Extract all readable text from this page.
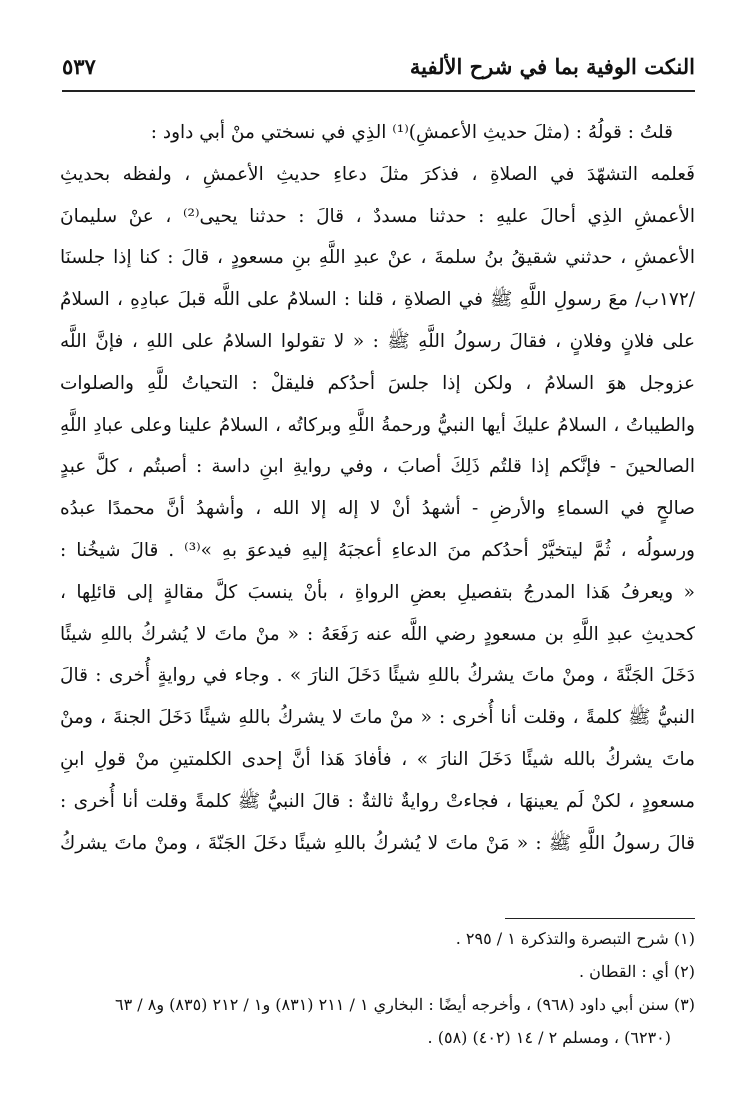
النكت الوفية بما في شرح الألفية
٥٣٧
قلتُ : قولُهُ : (مثلَ حديثِ الأعمشِ)⁽¹⁾ الذِي في نسختي منْ أبي داود :
فَعلمه التشهّدَ في الصلاةِ ، فذكرَ مثلَ دعاءِ حديثِ الأعمشِ ، ولفظه بحديثِ
الأعمشِ الذِي أحالَ عليهِ : حدثنا مسددٌ ، قالَ : حدثنا يحيى⁽²⁾ ، عنْ سليمانَ
الأعمشِ ، حدثني شقيقُ بنُ سلمةَ ، عنْ عبدِ اللَّهِ بنِ مسعودٍ ، قالَ : كنا إذا جلسنَا
/١٧٢ب/ معَ رسولِ اللَّهِ ﷺ في الصلاةِ ، قلنا : السلامُ على اللَّه قبلَ عبادِهِ ، السلامُ
على فلانٍ وفلانٍ ، فقالَ رسولُ اللَّهِ ﷺ : « لا تقولوا السلامُ على اللهِ ، فإنَّ اللَّه
عزوجل هوَ السلامُ ، ولكن إذا جلسَ أحدُكم فليقلْ : التحياتُ للَّهِ والصلوات
والطيباتُ ، السلامُ عليكَ أيها النبيُّ ورحمةُ اللَّهِ وبركاتُه ، السلامُ علينا وعلى عبادِ اللَّهِ
الصالحينَ - فإنَّكم إذا قلتُم ذَلِكَ أصابَ ، وفي روايةِ ابنِ داسة : أصبتُم ، كلَّ عبدٍ
صالحٍ في السماءِ والأرضِ - أشهدُ أنْ لا إله إلا الله ، وأشهدُ أنَّ محمدًا عبدُه
ورسولُه ، ثُمَّ ليتخيَّرْ أحدُكم منَ الدعاءِ أعجبَهُ إليهِ فيدعوَ بهِ »⁽³⁾ . قالَ شيخُنا :
« ويعرفُ هَذا المدرجُ بتفصيلِ بعضِ الرواةِ ، بأنْ ينسبَ كلَّ مقالةٍ إلى قائلِها ،
كحديثِ عبدِ اللَّهِ بن مسعودٍ رضي اللَّه عنه رَفَعَهُ : « منْ ماتَ لا يُشركُ باللهِ شيئًا
دَخَلَ الجَنَّةَ ، ومنْ ماتَ يشركُ باللهِ شيئًا دَخَلَ النارَ » . وجاء في روايةٍ أُخرى : قالَ
النبيُّ ﷺ كلمةً ، وقلت أنا أُخرى : « منْ ماتَ لا يشركُ باللهِ شيئًا دَخَلَ الجنةَ ، ومنْ
ماتَ يشركُ بالله شيئًا دَخَلَ النارَ » ، فأفادَ هَذا أنَّ إحدى الكلمتينِ منْ قولِ ابنِ
مسعودٍ ، لكنْ لَم يعينهَا ، فجاءتْ روايةٌ ثالثةٌ : قالَ النبيُّ ﷺ كلمةً وقلت أنا أُخرى :
قالَ رسولُ اللَّهِ ﷺ : « مَنْ ماتَ لا يُشركُ باللهِ شيئًا دخَلَ الجَنّةَ ، ومنْ ماتَ يشركُ
(١) شرح التبصرة والتذكرة ١ / ٢٩٥ .
(٢) أي : القطان .
(٣) سنن أبي داود (٩٦٨) ، وأخرجه أيضًا : البخاري ١ / ٢١١ (٨٣١) و١ / ٢١٢ (٨٣٥) و٨ / ٦٣
(٦٢٣٠) ، ومسلم ٢ / ١٤ (٤٠٢) (٥٨) .
